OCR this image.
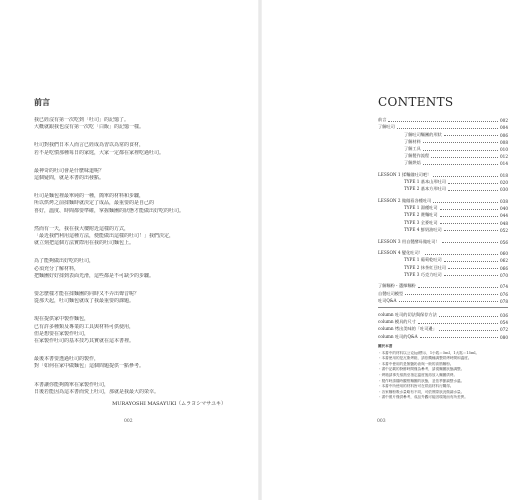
前言
我已經沒有第一次吃到「吐司」的記憶了。
大概就跟我也沒有第一次吃「白飯」的記憶一樣。
吐司對我們日本人而言已經成為習以為常的食材，
若不是吃慣那種每日的家庭，大家一定都在家裡吃過吐司。
最神奇的吐司會是什麼味道呢？
這個疑問，就是本書的出發點。
吐司是麵包裡最單純的一種，簡單的材料和步驟，
所以烘烤之前揉麵時就決定了成品，最重要的是自己的
喜好，溫度、時間都要準確，掌握麵團的狀態才能做出好吃的吐司。
然而有一天，我在我大樓附近這樣的方式，
「最近我們利用這種方法，便能做出這樣的吐司！」我們決定，
就立刻把這個方法實際用在我的吐司麵包上。
為了能夠做出好吃的吐司，
必須充分了解材料，
把麵團好好揉到表面光滑，這些都是不可缺少的步驟。
要怎麼樣才能在揉麵團的同時又不弄出聲音呢？
從那天起，吐司麵包就成了我最重要的課題。
現在提供家中製作麵包，
已有許多種類及專業的工具與材料可供使用，
但是想要在家製作吐司，
在家製作吐司的基本技巧其實就在這本書裡。
最後本書要透過吐司的製作，
對「如何在家中做麵包」這個問題提供一點參考。
本書讓你能夠簡單在家製作吐司，
日後若能因為這本書而愛上吐司，那就是我最大的榮幸。
MURAYOSHI MASAYUKI（ムラヨシマサユキ）
002
CONTENTS
前言	002
了解吐司	004
了解吐司麵團的形狀	006
了解材料	008
了解工具	010
了解製作流程	012
了解烘焙	014
LESSON 1 揉麵做吐司吧！	018
TYPE 1 基本山形吐司	020
TYPE 2 基本方形吐司	030
LESSON 2 做做看各種吐司	038
TYPE 1 湯種吐司	040
TYPE 2 燙麵吐司	044
TYPE 3 全麥吐司	048
TYPE 4 鮮奶油吐司	052
LESSON 3 用自製酵母做吐司！	056
LESSON 4 變化吐司！	060
TYPE 1 葡萄乾吐司	062
TYPE 2 抹茶紅豆吐司	066
TYPE 3 巧克力吐司	070
了解麵粉・選擇麵粉	074
自製吐司模型	076
吐司Q&A	078
column 吐司的切法與保存方法	036
column 模具的尺寸	054
column 烤出美味的「吐司邊」	072
column 吐司的Q&A	080
關於本書
・本書中的材料以公克(g)標示，1小匙＝5ml，1大匙＝15ml。
・本書使用的是瓦斯烤箱，請依機種調整烘烤時間和溫度。
・本書中使用的是無鹽奶油與一般的高筋麵粉。
・書中記載的發酵時間僅為參考，請視麵團狀態調整。
・烤箱請事先預熱至指定溫度後再放入麵團烘烤。
・製作時請隨時觀察麵團的狀態，並依季節調整水溫。
・本書中所使用的材料皆可在烘焙材料行購得。
・各家麵粉吸水量略有不同，可依實際狀況微調水量。
・書中照片僅供參考，成品外觀可能因環境而有所差異。
003
